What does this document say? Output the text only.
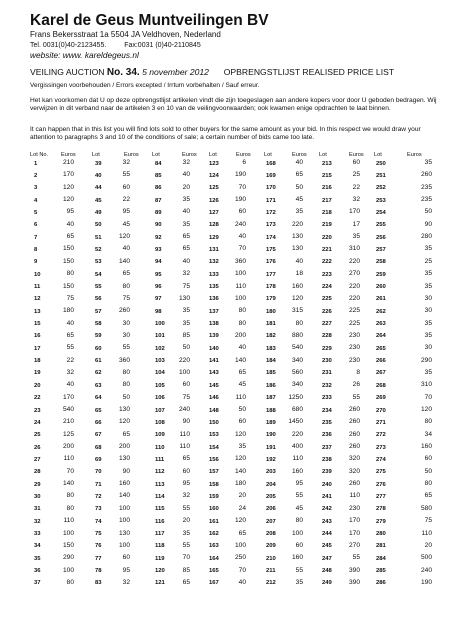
Karel de Geus Muntveilingen BV
Frans Bekersstraat 1a 5504 JA Veldhoven, Nederland
Tel. 0031(0)40-2123455.	Fax:0031 (0)40-2110845
website: www. kareldegeus.nl
VEILING AUCTION No. 34. 5 november 2012 OPBRENGSTLIJST REALISED PRICE LIST
Vergissingen voorbehouden / Errors excepted / Irrtum vorbehalten / Sauf erreur.
Het kan voorkomen dat U op deze opbrengstlijst artikelen vindt die zijn toegeslagen aan andere kopers voor door U geboden bedragen. Wij verwijzen in dit verband naar de artikelen 3 en 10 van de veilingvoorwaarden; ook kwamen enige opdrachten te laat binnen.
It can happen that in this list you will find lots sold to other buyers for the same amount as your bid. In this respect we would draw your attention to paragraphs 3 and 10 of the conditions of sale; a certain number of bids came too late.
Lot No. Euros	Lot	Euros Lot	Euros Lot	Euros Lot	Euros Lot	Euros Lot	Euros
1	210	39	32	84	32	123	6	168	40	213	60	250	35
2	170	40	55	85	40	124	190	169	65	215	25	251	260
3	120	44	60	86	20	125	70	170	50	216	22	252	235
4	120	45	22	87	35	126	190	171	45	217	32	253	235
5	95	49	95	89	40	127	60	172	35	218	170	254	50
6	40	50	45	90	35	128	240	173	220	219	17	255	90
7	65	51	120	92	65	129	40	174	130	220	35	256	280
8	150	52	40	93	65	131	70	175	130	221	310	257	35
9	150	53	140	94	40	132	360	176	40	222	220	258	25
10	80	54	65	95	32	133	100	177	18	223	270	259	35
11	150	55	80	96	75	135	110	178	160	224	220	260	35
12	75	56	75	97	130	136	100	179	120	225	220	261	30
13	180	57	260	98	35	137	80	180	315	226	225	262	30
15	40	58	30	100	35	138	80	181	80	227	225	263	35
16	65	59	30	101	85	139	200	182	880	228	230	264	35
17	55	60	55	102	50	140	40	183	540	229	230	265	30
18	22	61	360	103	220	141	140	184	340	230	230	266	290
19	32	62	80	104	100	143	65	185	560	231	8	267	35
20	40	63	80	105	60	145	45	186	340	232	26	268	310
22	170	64	50	106	75	146	110	187	1250	233	55	269	70
23	540	65	130	107	240	148	50	188	680	234	260	270	120
24	210	66	120	108	90	150	60	189	1450	235	260	271	80
25	125	67	65	109	110	153	120	190	220	236	260	272	34
26	200	68	200	110	110	154	35	191	400	237	260	273	160
27	110	69	130	111	65	156	120	192	110	238	320	274	60
28	70	70	90	112	60	157	140	203	160	239	320	275	50
29	140	71	160	113	95	158	180	204	95	240	260	276	80
30	80	72	140	114	32	159	20	205	55	241	110	277	65
31	80	73	100	115	55	160	24	206	45	242	230	278	580
32	110	74	100	116	20	161	120	207	80	243	170	279	75
33	100	75	130	117	35	162	65	208	100	244	170	280	110
34	150	76	100	118	55	163	100	209	60	245	270	281	20
35	290	77	60	119	70	164	250	210	160	247	55	284	500
36	100	78	95	120	85	165	70	211	55	248	390	285	240
37	80	83	32	121	65	167	40	212	35	249	390	286	190
